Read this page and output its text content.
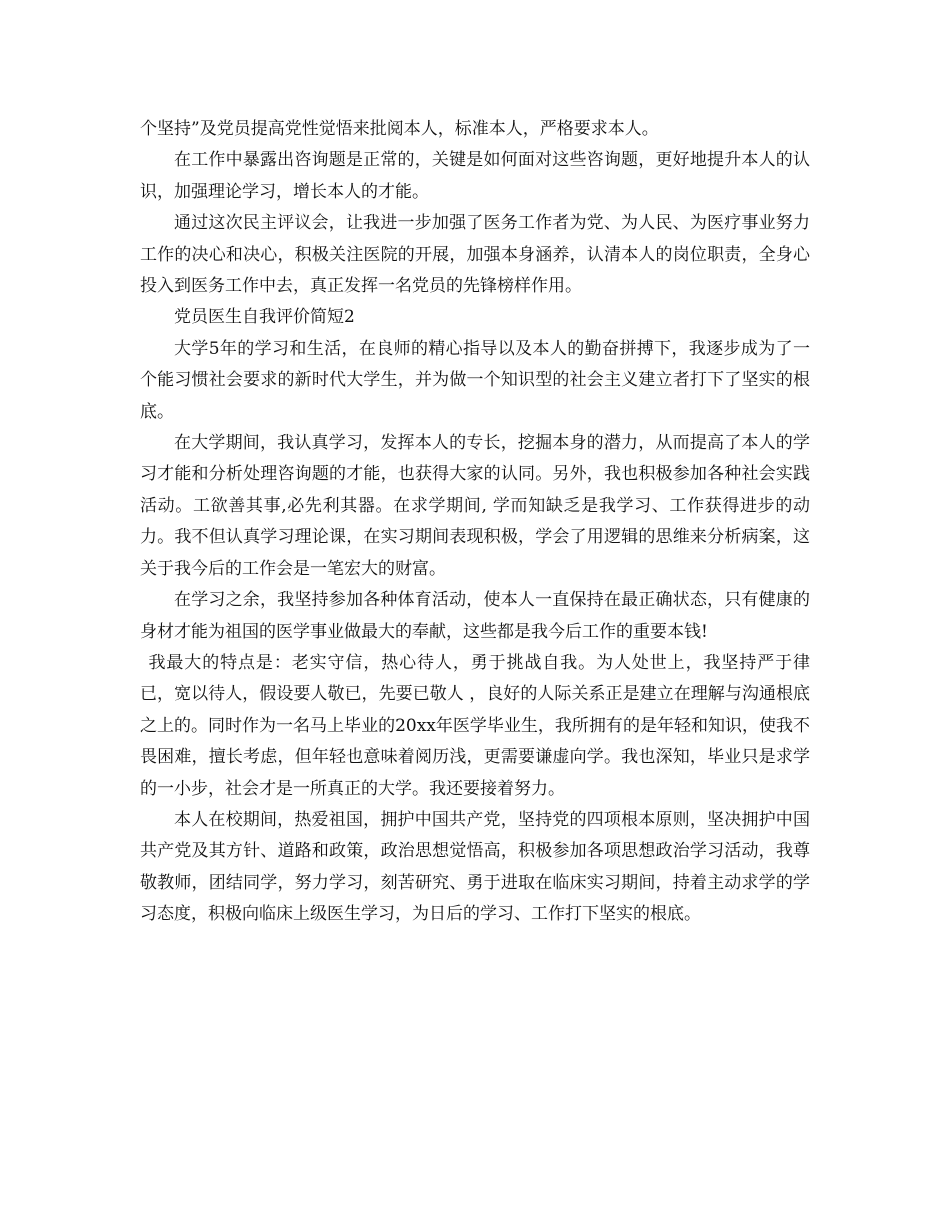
个坚持”及党员提高党性觉悟来批阅本人，标准本人，严格要求本人。

在工作中暴露出咨询题是正常的，关键是如何面对这些咨询题，更好地提升本人的认识，加强理论学习，增长本人的才能。

通过这次民主评议会，让我进一步加强了医务工作者为党、为人民、为医疗事业努力工作的决心和决心，积极关注医院的开展，加强本身涵养，认清本人的岗位职责，全身心投入到医务工作中去，真正发挥一名党员的先锋榜样作用。

党员医生自我评价简短2

大学5年的学习和生活，在良师的精心指导以及本人的勤奋拼搏下，我逐步成为了一个能习惯社会要求的新时代大学生，并为做一个知识型的社会主义建立者打下了坚实的根底。

在大学期间，我认真学习，发挥本人的专长，挖掘本身的潜力，从而提高了本人的学习才能和分析处理咨询题的才能，也获得大家的认同。另外，我也积极参加各种社会实践活动。工欲善其事,必先利其器。在求学期间, 学而知缺乏是我学习、工作获得进步的动力。我不但认真学习理论课，在实习期间表现积极，学会了用逻辑的思维来分析病案，这关于我今后的工作会是一笔宏大的财富。

在学习之余，我坚持参加各种体育活动，使本人一直保持在最正确状态，只有健康的身材才能为祖国的医学事业做最大的奉献，这些都是我今后工作的重要本钱!

我最大的特点是：老实守信，热心待人，勇于挑战自我。为人处世上，我坚持严于律已，宽以待人，假设要人敬已，先要已敬人 ，良好的人际关系正是建立在理解与沟通根底之上的。同时作为一名马上毕业的20xx年医学毕业生，我所拥有的是年轻和知识，使我不畏困难，擅长考虑，但年轻也意味着阅历浅，更需要谦虚向学。我也深知，毕业只是求学的一小步，社会才是一所真正的大学。我还要接着努力。

本人在校期间，热爱祖国，拥护中国共产党，坚持党的四项根本原则，坚决拥护中国共产党及其方针、道路和政策，政治思想觉悟高，积极参加各项思想政治学习活动，我尊敬教师，团结同学，努力学习，刻苦研究、勇于进取在临床实习期间，持着主动求学的学习态度，积极向临床上级医生学习，为日后的学习、工作打下坚实的根底。
